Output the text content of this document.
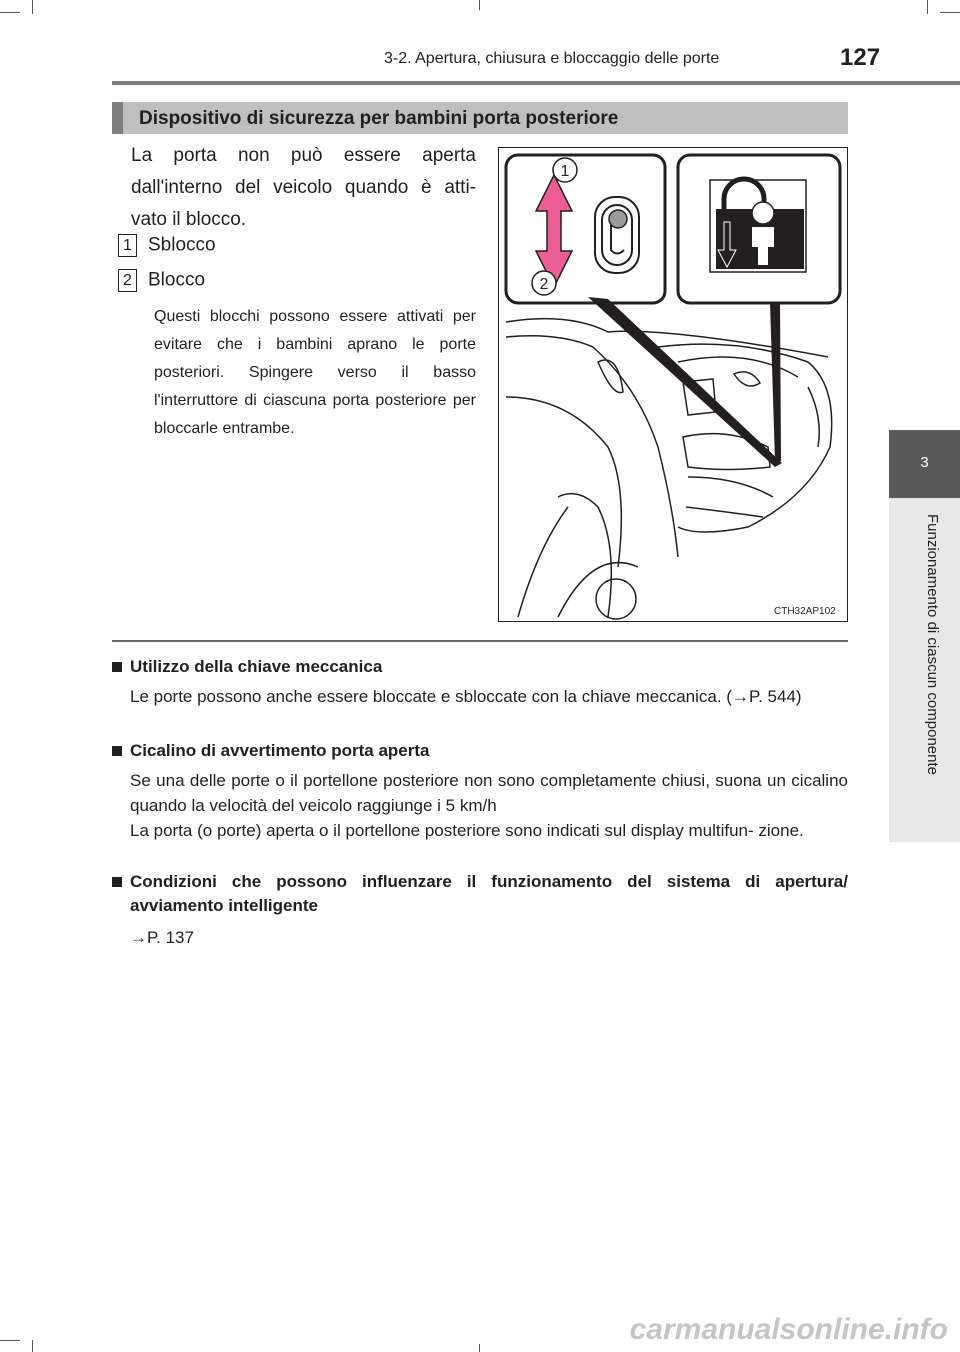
3-2. Apertura, chiusura e bloccaggio delle porte	127
3
Funzionamento di ciascun componente
Dispositivo di sicurezza per bambini porta posteriore
La porta non può essere aperta dall'interno del veicolo quando è atti- vato il blocco.
1 Sblocco
2 Blocco
Questi blocchi possono essere attivati per evitare che i bambini aprano le porte posteriori. Spingere verso il basso l'interruttore di ciascuna porta posteriore per bloccarle entrambe.
1
2
CTH32AP102
Utilizzo della chiave meccanica
Le porte possono anche essere bloccate e sbloccate con la chiave meccanica. (→P. 544)
Cicalino di avvertimento porta aperta
Se una delle porte o il portellone posteriore non sono completamente chiusi, suona un cicalino quando la velocità del veicolo raggiunge i 5 km/h
La porta (o porte) aperta o il portellone posteriore sono indicati sul display multifun- zione.
Condizioni che possono influenzare il funzionamento del sistema di apertura/ avviamento intelligente
→P. 137
carmanualsonline.info
